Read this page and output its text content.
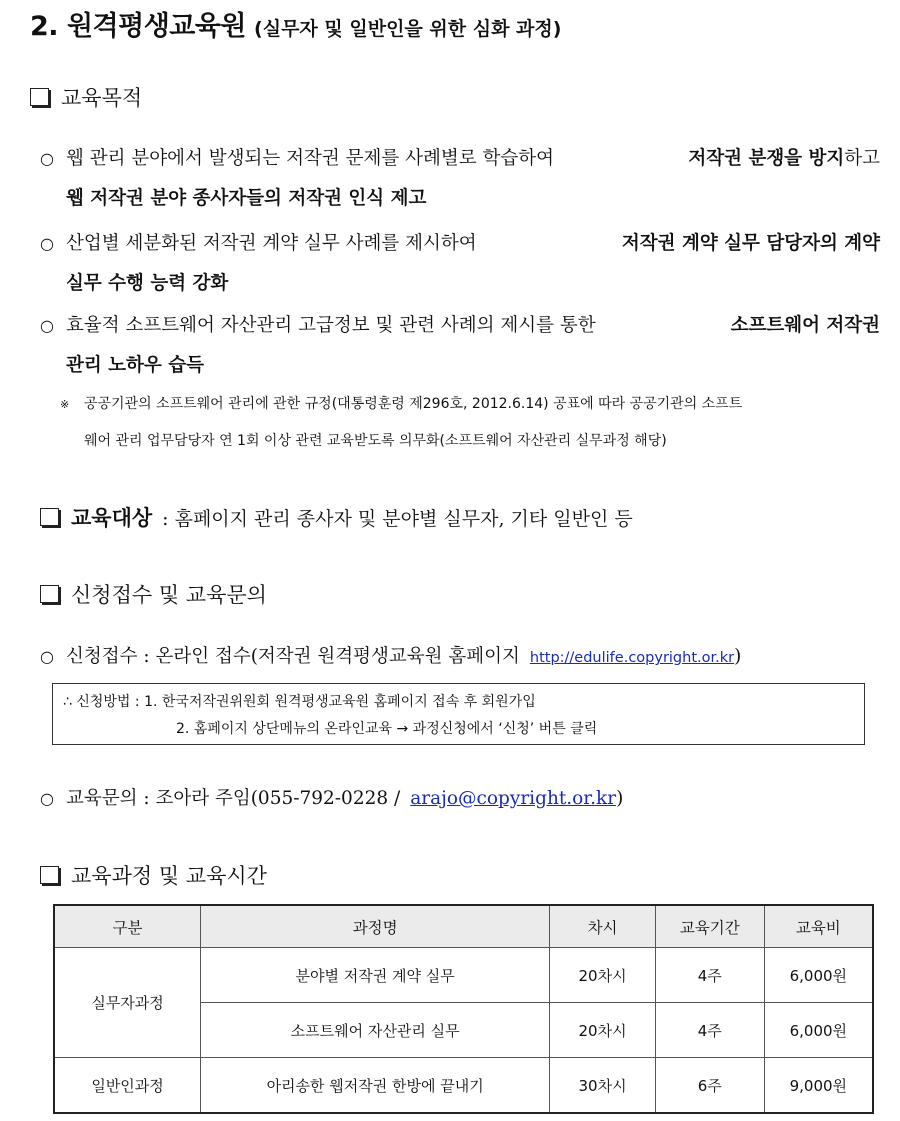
2. 원격평생교육원 (실무자 및 일반인을 위한 심화 과정)
교육목적
○ 웹 관리 분야에서 발생되는 저작권 문제를 사례별로 학습하여	저작권 분쟁을 방지하고
웹 저작권 분야 종사자들의 저작권 인식 제고
○ 산업별 세분화된 저작권 계약 실무 사례를 제시하여	저작권 계약 실무 담당자의 계약
실무 수행 능력 강화
○ 효율적 소프트웨어 자산관리 고급정보 및 관련 사례의 제시를 통한	소프트웨어 저작권
관리 노하우 습득
※ 공공기관의 소프트웨어 관리에 관한 규정(대통령훈령 제296호, 2012.6.14) 공표에 따라 공공기관의 소프트
웨어 관리 업무담당자 연 1회 이상 관련 교육받도록 의무화(소프트웨어 자산관리 실무과정 해당)
교육대상 : 홈페이지 관리 종사자 및 분야별 실무자, 기타 일반인 등
신청접수 및 교육문의
○ 신청접수 : 온라인 접수(저작권 원격평생교육원 홈페이지 http://edulife.copyright.or.kr )
∴ 신청방법 : 1. 한국저작권위원회 원격평생교육원 홈페이지 접속 후 회원가입
2. 홈페이지 상단메뉴의 온라인교육 → 과정신청에서 ‘신청’ 버튼 클릭
○ 교육문의 : 조아라 주임(055-792-0228 / arajo@copyright.or.kr )
교육과정 및 교육시간
구분	과정명	차시	교육기간	교육비
실무자과정	분야별 저작권 계약 실무	20차시	4주	6,000원
	소프트웨어 자산관리 실무	20차시	4주	6,000원
일반인과정	아리송한 웹저작권 한방에 끝내기	30차시	6주	9,000원
